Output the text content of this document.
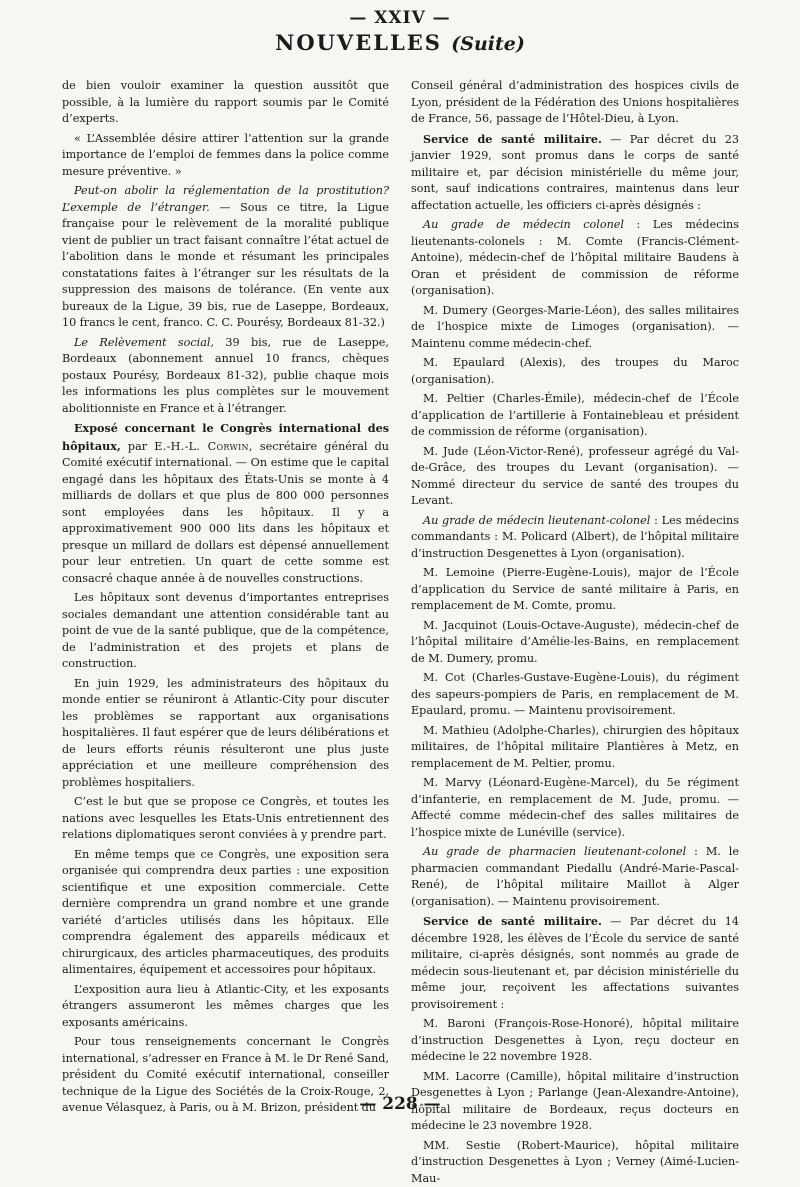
— XXIV —
NOUVELLES (Suite)

de bien vouloir examiner la question aussitôt que possible, à la lumière du rapport soumis par le Comité d’experts.

« L’Assemblée désire attirer l’attention sur la grande importance de l’emploi de femmes dans la police comme mesure préventive. »

Peut-on abolir la réglementation de la prostitution? L’exemple de l’étranger. — Sous ce titre, la Ligue française pour le relèvement de la moralité publique vient de publier un tract faisant connaître l’état actuel de l’abolition dans le monde et résumant les principales constatations faites à l’étranger sur les résultats de la suppression des maisons de tolérance. (En vente aux bureaux de la Ligue, 39 bis, rue de Laseppe, Bordeaux, 10 francs le cent, franco. C. C. Pourésy, Bordeaux 81-32.)

Le Relèvement social, 39 bis, rue de Laseppe, Bordeaux (abonnement annuel 10 francs, chèques postaux Pourésy, Bordeaux 81-32), publie chaque mois les informations les plus complètes sur le mouvement abolitionniste en France et à l’étranger.

Exposé concernant le Congrès international des hôpitaux, par E.-H.-L. Corwin, secrétaire général du Comité exécutif international. — On estime que le capital engagé dans les hôpitaux des États-Unis se monte à 4 milliards de dollars et que plus de 800 000 personnes sont employées dans les hôpitaux. Il y a approximativement 900 000 lits dans les hôpitaux et presque un millard de dollars est dépensé annuellement pour leur entretien. Un quart de cette somme est consacré chaque année à de nouvelles constructions.

Les hôpitaux sont devenus d’importantes entreprises sociales demandant une attention considérable tant au point de vue de la santé publique, que de la compétence, de l’administration et des projets et plans de construction.

En juin 1929, les administrateurs des hôpitaux du monde entier se réuniront à Atlantic-City pour discuter les problèmes se rapportant aux organisations hospitalières. Il faut espérer que de leurs délibérations et de leurs efforts réunis résulteront une plus juste appréciation et une meilleure compréhension des problèmes hospitaliers.

C’est le but que se propose ce Congrès, et toutes les nations avec lesquelles les Etats-Unis entretiennent des relations diplomatiques seront conviées à y prendre part.

En même temps que ce Congrès, une exposition sera organisée qui comprendra deux parties : une exposition scientifique et une exposition commerciale. Cette dernière comprendra un grand nombre et une grande variété d’articles utilisés dans les hôpitaux. Elle comprendra également des appareils médicaux et chirurgicaux, des articles pharmaceutiques, des produits alimentaires, équipement et accessoires pour hôpitaux.

L’exposition aura lieu à Atlantic-City, et les exposants étrangers assumeront les mêmes charges que les exposants américains.

Pour tous renseignements concernant le Congrès international, s’adresser en France à M. le Dr René Sand, président du Comité exécutif international, conseiller technique de la Ligue des Sociétés de la Croix-Rouge, 2, avenue Vélasquez, à Paris, ou à M. Brizon, président du

Conseil général d’administration des hospices civils de Lyon, président de la Fédération des Unions hospitalières de France, 56, passage de l’Hôtel-Dieu, à Lyon.

Service de santé militaire. — Par décret du 23 janvier 1929, sont promus dans le corps de santé militaire et, par décision ministérielle du même jour, sont, sauf indications contraires, maintenus dans leur affectation actuelle, les officiers ci-après désignés :

Au grade de médecin colonel : Les médecins lieutenants-colonels : M. Comte (Francis-Clément-Antoine), médecin-chef de l’hôpital militaire Baudens à Oran et président de commission de réforme (organisation).

M. Dumery (Georges-Marie-Léon), des salles militaires de l’hospice mixte de Limoges (organisation). — Maintenu comme médecin-chef.

M. Epaulard (Alexis), des troupes du Maroc (organisation).

M. Peltier (Charles-Émile), médecin-chef de l’École d’application de l’artillerie à Fontainebleau et président de commission de réforme (organisation).

M. Jude (Léon-Victor-René), professeur agrégé du Val-de-Grâce, des troupes du Levant (organisation). — Nommé directeur du service de santé des troupes du Levant.

Au grade de médecin lieutenant-colonel : Les médecins commandants : M. Policard (Albert), de l’hôpital militaire d’instruction Desgenettes à Lyon (organisation).

M. Lemoine (Pierre-Eugène-Louis), major de l’École d’application du Service de santé militaire à Paris, en remplacement de M. Comte, promu.

M. Jacquinot (Louis-Octave-Auguste), médecin-chef de l’hôpital militaire d’Amélie-les-Bains, en remplacement de M. Dumery, promu.

M. Cot (Charles-Gustave-Eugène-Louis), du régiment des sapeurs-pompiers de Paris, en remplacement de M. Epaulard, promu. — Maintenu provisoirement.

M. Mathieu (Adolphe-Charles), chirurgien des hôpitaux militaires, de l’hôpital militaire Plantières à Metz, en remplacement de M. Peltier, promu.

M. Marvy (Léonard-Eugène-Marcel), du 5e régiment d’infanterie, en remplacement de M. Jude, promu. — Affecté comme médecin-chef des salles militaires de l’hospice mixte de Lunéville (service).

Au grade de pharmacien lieutenant-colonel : M. le pharmacien commandant Piedallu (André-Marie-Pascal-René), de l’hôpital militaire Maillot à Alger (organisation). — Maintenu provisoirement.

Service de santé militaire. — Par décret du 14 décembre 1928, les élèves de l’École du service de santé militaire, ci-après désignés, sont nommés au grade de médecin sous-lieutenant et, par décision ministérielle du même jour, reçoivent les affectations suivantes provisoirement :

M. Baroni (François-Rose-Honoré), hôpital militaire d’instruction Desgenettes à Lyon, reçu docteur en médecine le 22 novembre 1928.

MM. Lacorre (Camille), hôpital militaire d’instruction Desgenettes à Lyon ; Parlange (Jean-Alexandre-Antoine), hôpital militaire de Bordeaux, reçus docteurs en médecine le 23 novembre 1928.

MM. Sestie (Robert-Maurice), hôpital militaire d’instruction Desgenettes à Lyon ; Verney (Aimé-Lucien-Mau-

— 228 —
